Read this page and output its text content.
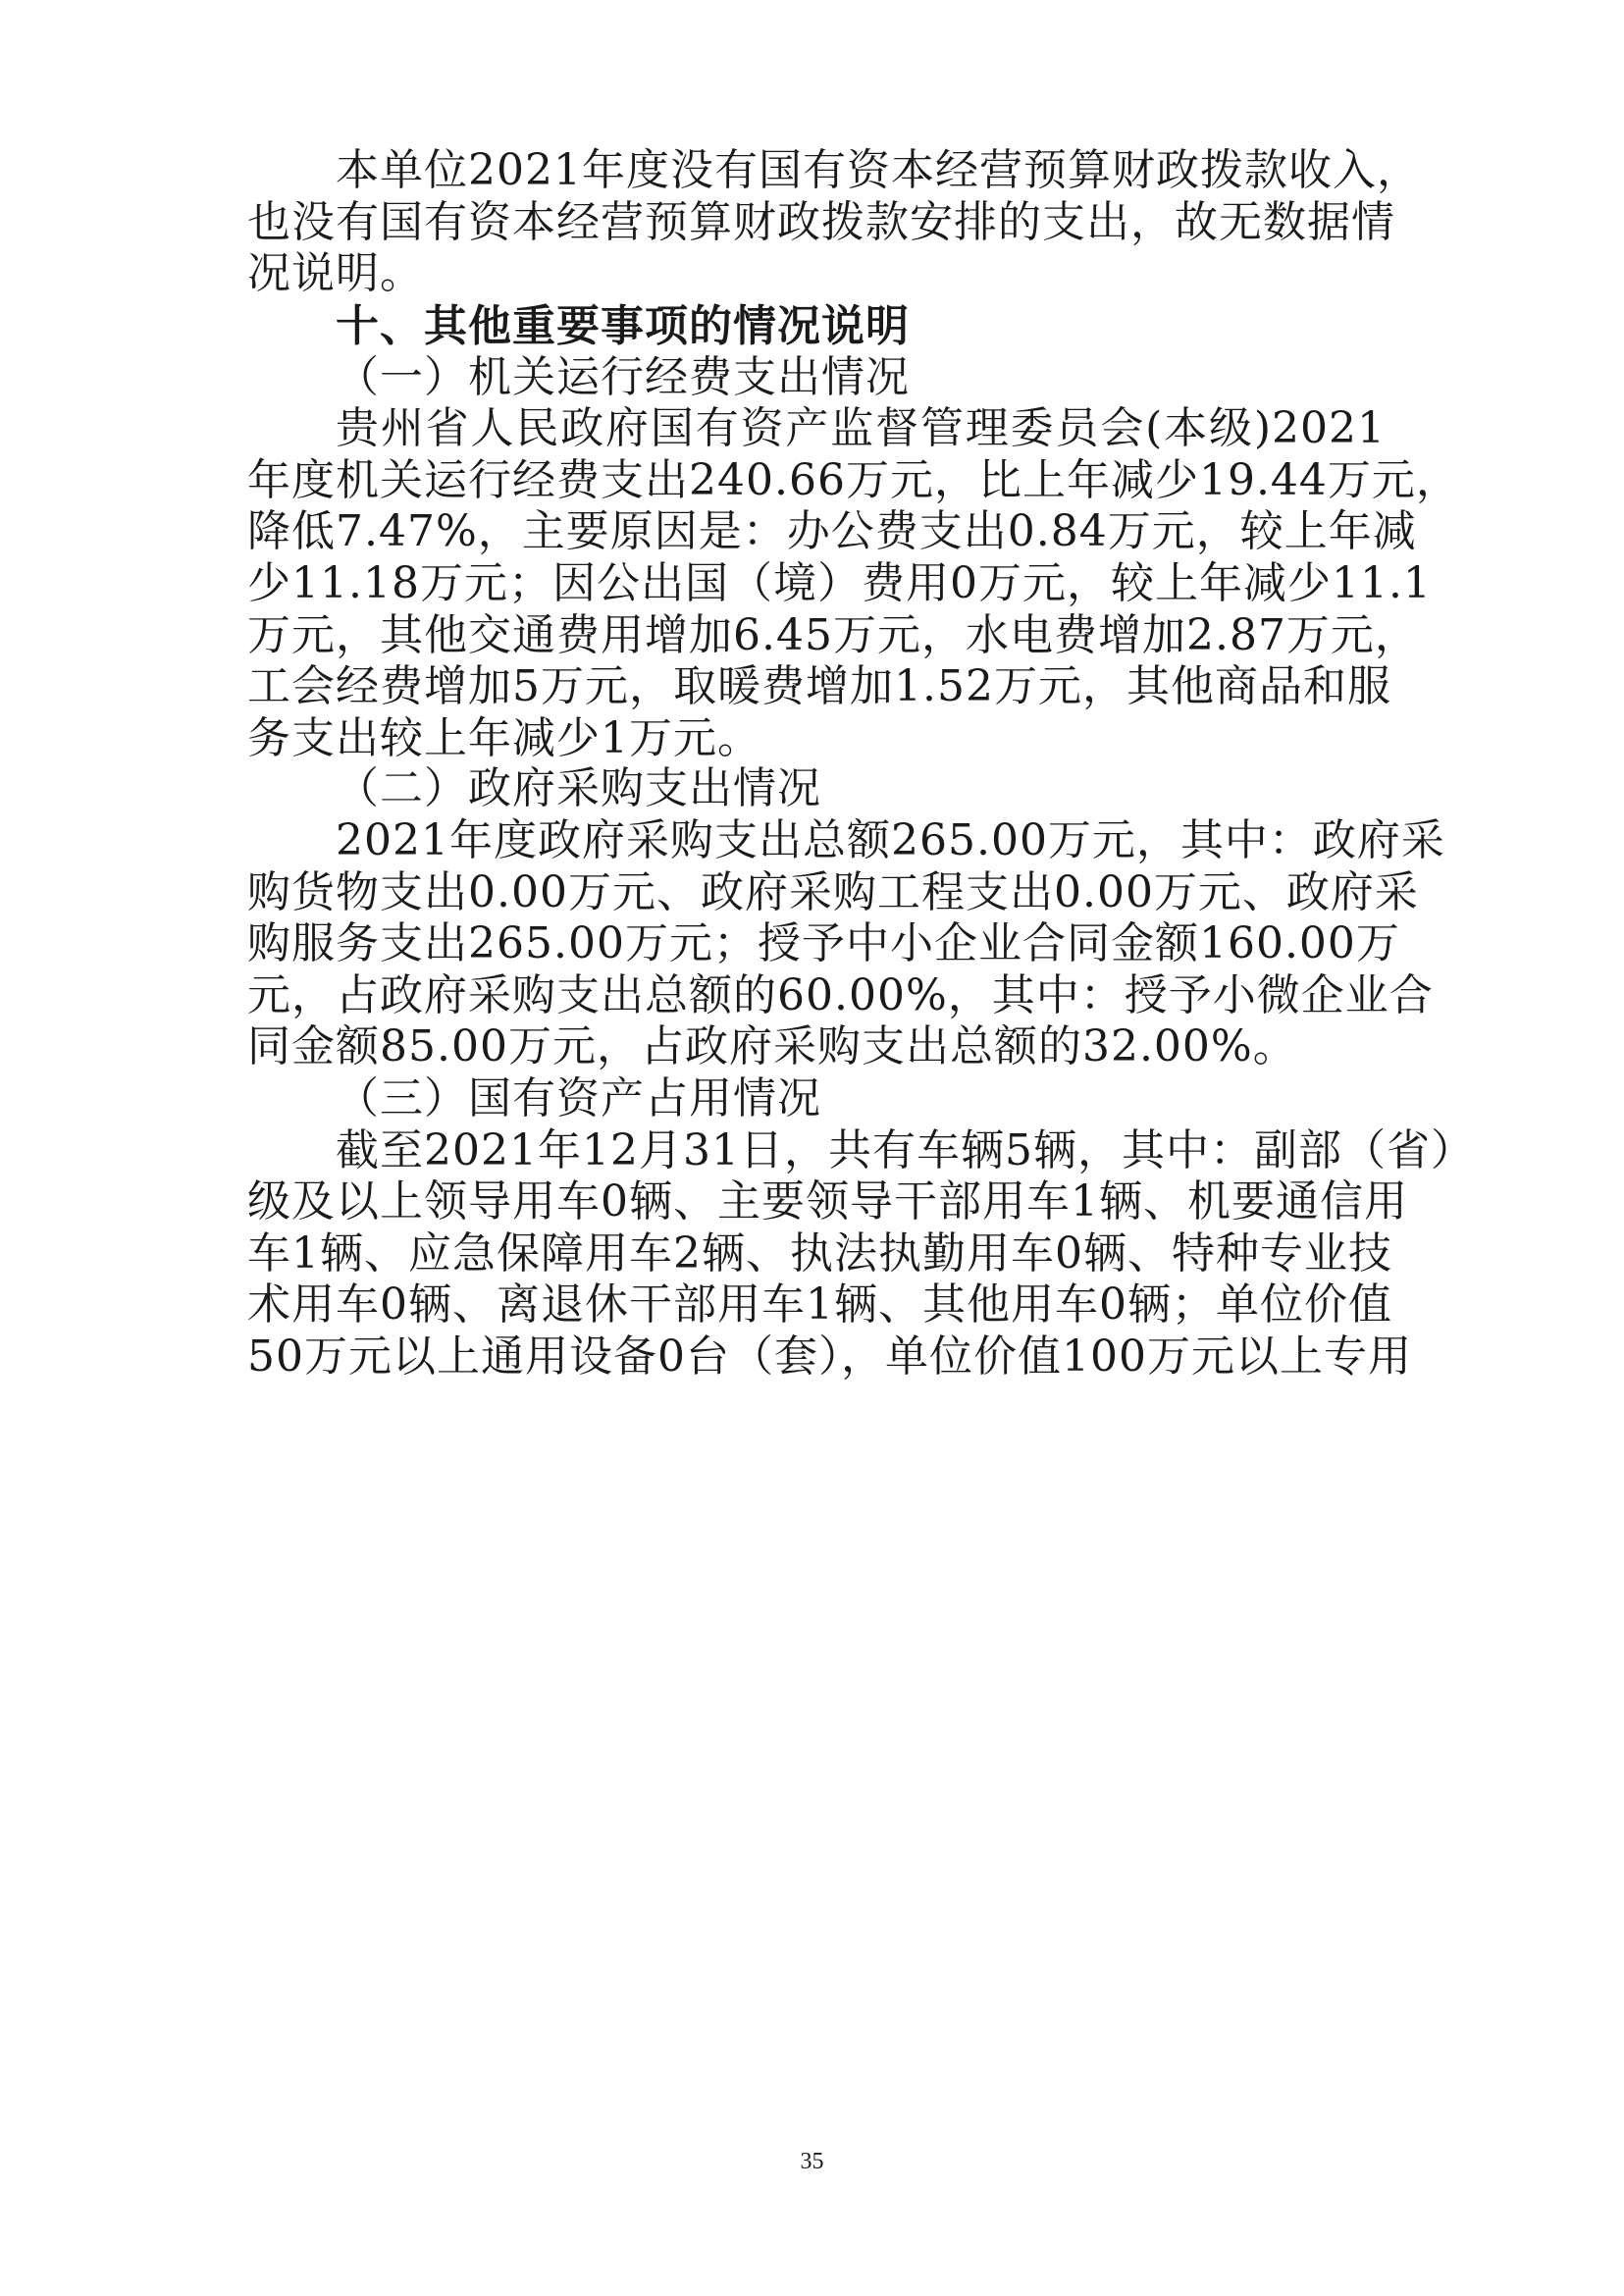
本单位2021年度没有国有资本经营预算财政拨款收入，
也没有国有资本经营预算财政拨款安排的支出，故无数据情
况说明。
十、其他重要事项的情况说明
（一）机关运行经费支出情况
贵州省人民政府国有资产监督管理委员会(本级)2021
年度机关运行经费支出240.66万元，比上年减少19.44万元，
降低7.47%，主要原因是：办公费支出0.84万元，较上年减
少11.18万元；因公出国（境）费用0万元，较上年减少11.1
万元，其他交通费用增加6.45万元，水电费增加2.87万元，
工会经费增加5万元，取暖费增加1.52万元，其他商品和服
务支出较上年减少1万元。
（二）政府采购支出情况
2021年度政府采购支出总额265.00万元，其中：政府采
购货物支出0.00万元、政府采购工程支出0.00万元、政府采
购服务支出265.00万元；授予中小企业合同金额160.00万
元，占政府采购支出总额的60.00%，其中：授予小微企业合
同金额85.00万元，占政府采购支出总额的32.00%。
（三）国有资产占用情况
截至2021年12月31日，共有车辆5辆，其中：副部（省）
级及以上领导用车0辆、主要领导干部用车1辆、机要通信用
车1辆、应急保障用车2辆、执法执勤用车0辆、特种专业技
术用车0辆、离退休干部用车1辆、其他用车0辆；单位价值
50万元以上通用设备0台（套），单位价值100万元以上专用
35
